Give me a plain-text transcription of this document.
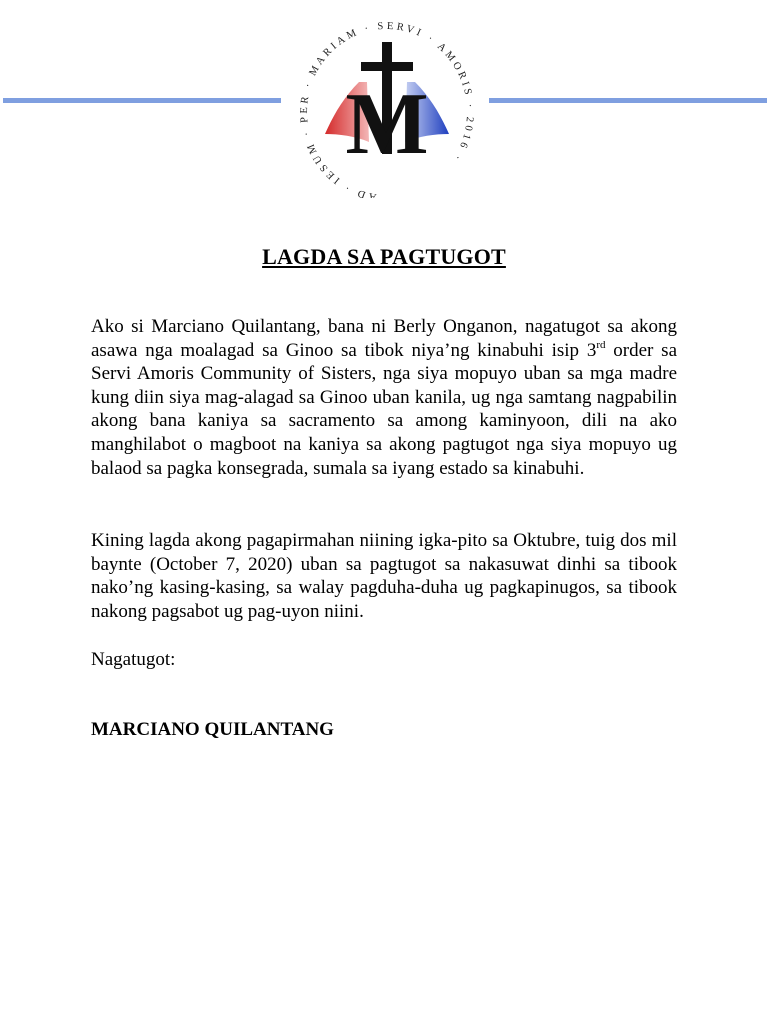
AD · IESUM · PER · MARIAM · SERVI · AMORIS · 2016 ·
M
LAGDA SA PAGTUGOT

Ako si Marciano Quilantang, bana ni Berly Onganon, nagatugot sa akong asawa nga moalagad sa Ginoo sa tibok niya’ng kinabuhi isip 3rd order sa Servi Amoris Community of Sisters, nga siya mopuyo uban sa mga madre kung diin siya mag-alagad sa Ginoo uban kanila, ug nga samtang nagpabilin akong bana kaniya sa sacramento sa among kaminyoon, dili na ako manghilabot o magboot na kaniya sa akong pagtugot nga siya mopuyo ug balaod sa pagka konsegrada, sumala sa iyang estado sa kinabuhi.

Kining lagda akong pagapirmahan niining igka-pito sa Oktubre, tuig dos mil baynte (October 7, 2020) uban sa pagtugot sa nakasuwat dinhi sa tibook nako’ng kasing-kasing, sa walay pagduha-duha ug pagkapinugos, sa tibook nakong pagsabot ug pag-uyon niini.

Nagatugot:

MARCIANO QUILANTANG
